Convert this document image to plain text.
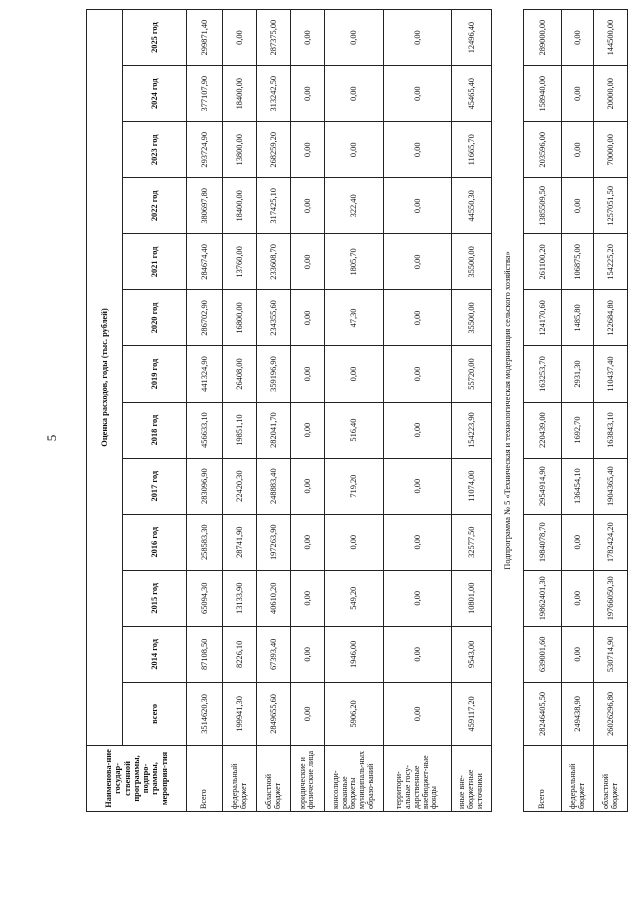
5
Наименова-ние государ-ственной программы, подпро-граммы, мероприя-тия	Оценка расходов, годы (тыс. рублей)												
	всего	2014 год	2015 год	2016 год	2017 год	2018 год	2019 год	2020 год	2021 год	2022 год	2023 год	2024 год	2025 год
Всего	3514620,30	87108,50	65094,30	258583,30	283096,90	456633,10	441324,90	286702,90	284674,40	380697,80	293724,90	377107,90	299871,40
федеральный бюджет	199941,30	8226,10	13133,90	28741,90	22420,30	19851,10	26408,00	16800,00	13760,00	18400,00	13800,00	18400,00	0,00
областной бюджет	2849655,60	67393,40	40610,20	197263,90	248883,40	282041,70	359196,90	234355,60	233608,70	317425,10	268259,20	313242,50	287375,00
юридические и физические лица	0,00	0,00	0,00	0,00	0,00	0,00	0,00	0,00	0,00	0,00	0,00	0,00	0,00
консолиди-рованные бюджеты муниципаль-ных образо-ваний	5906,20	1946,00	549,20	0,00	719,20	516,40	0,00	47,30	1805,70	322,40	0,00	0,00	0,00
территори-альные госу-дарственные внебюджет-ные фонды	0,00	0,00	0,00	0,00	0,00	0,00	0,00	0,00	0,00	0,00	0,00	0,00	0,00
иные вне-бюджетные источники	459117,20	9543,00	10801,00	32577,50	11074,00	154223,90	55720,00	35500,00	35500,00	44550,30	11665,70	45465,40	12496,40
Подпрограмма № 5 «Техническая и технологическая модернизация сельского хозяйства»													
Всего	28246405,50	639001,60	19862401,30	1984078,70	2954914,90	220439,00	163253,70	124170,60	261100,20	1385509,50	203596,00	158940,00	289000,00
федеральный бюджет	249438,90	0,00	0,00	0,00	136454,10	1692,70	2931,30	1485,80	106875,00	0,00	0,00	0,00	0,00
областной бюджет	26026296,80	530714,90	19766050,30	1782424,20	1904365,40	163843,10	110437,40	122684,80	154225,20	1257051,50	70000,00	20000,00	144500,00
